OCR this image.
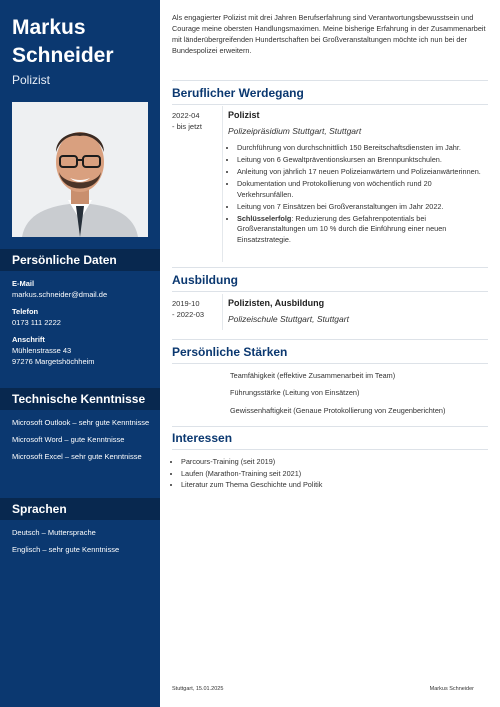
Markus Schneider
Polizist
Persönliche Daten
E-Mail
markus.schneider@dmail.de
Telefon
0173 111 2222
Anschrift
Mühlenstrasse 43
97276 Margetshöchheim
Technische Kenntnisse
Microsoft Outlook – sehr gute Kenntnisse
Microsoft Word – gute Kenntnisse
Microsoft Excel – sehr gute Kenntnisse
Sprachen
Deutsch – Muttersprache
Englisch – sehr gute Kenntnisse
Als engagierter Polizist mit drei Jahren Berufserfahrung sind Verantwortungsbewusstsein und Courage meine obersten Handlungsmaximen. Meine bisherige Erfahrung in der Zusammenarbeit mit länderübergreifenden Hundertschaften bei Großveranstaltungen möchte ich nun bei der Bundespolizei erweitern.
Beruflicher Werdegang
2022-04
- bis jetzt
Polizist
Polizeipräsidium Stuttgart, Stuttgart
• Durchführung von durchschnittlich 150 Bereitschaftsdiensten im Jahr.
• Leitung von 6 Gewaltpräventionskursen an Brennpunktschulen.
• Anleitung von jährlich 17 neuen Polizeianwärtern und Polizeianwärterinnen.
• Dokumentation und Protokollierung von wöchentlich rund 20 Verkehrsunfällen.
• Leitung von 7 Einsätzen bei Großveranstaltungen im Jahr 2022.
• Schlüsselerfolg: Reduzierung des Gefahrenpotentials bei Großveranstaltungen um 10 % durch die Einführung einer neuen Einsatzstrategie.
Ausbildung
2019-10
- 2022-03
Polizisten, Ausbildung
Polizeischule Stuttgart, Stuttgart
Persönliche Stärken
Teamfähigkeit (effektive Zusammenarbeit im Team)
Führungsstärke (Leitung von Einsätzen)
Gewissenhaftigkeit (Genaue Protokollierung von Zeugenberichten)
Interessen
• Parcours-Training (seit 2019)
• Laufen (Marathon-Training seit 2021)
• Literatur zum Thema Geschichte und Politik
Stuttgart, 15.01.2025	Markus Schneider
